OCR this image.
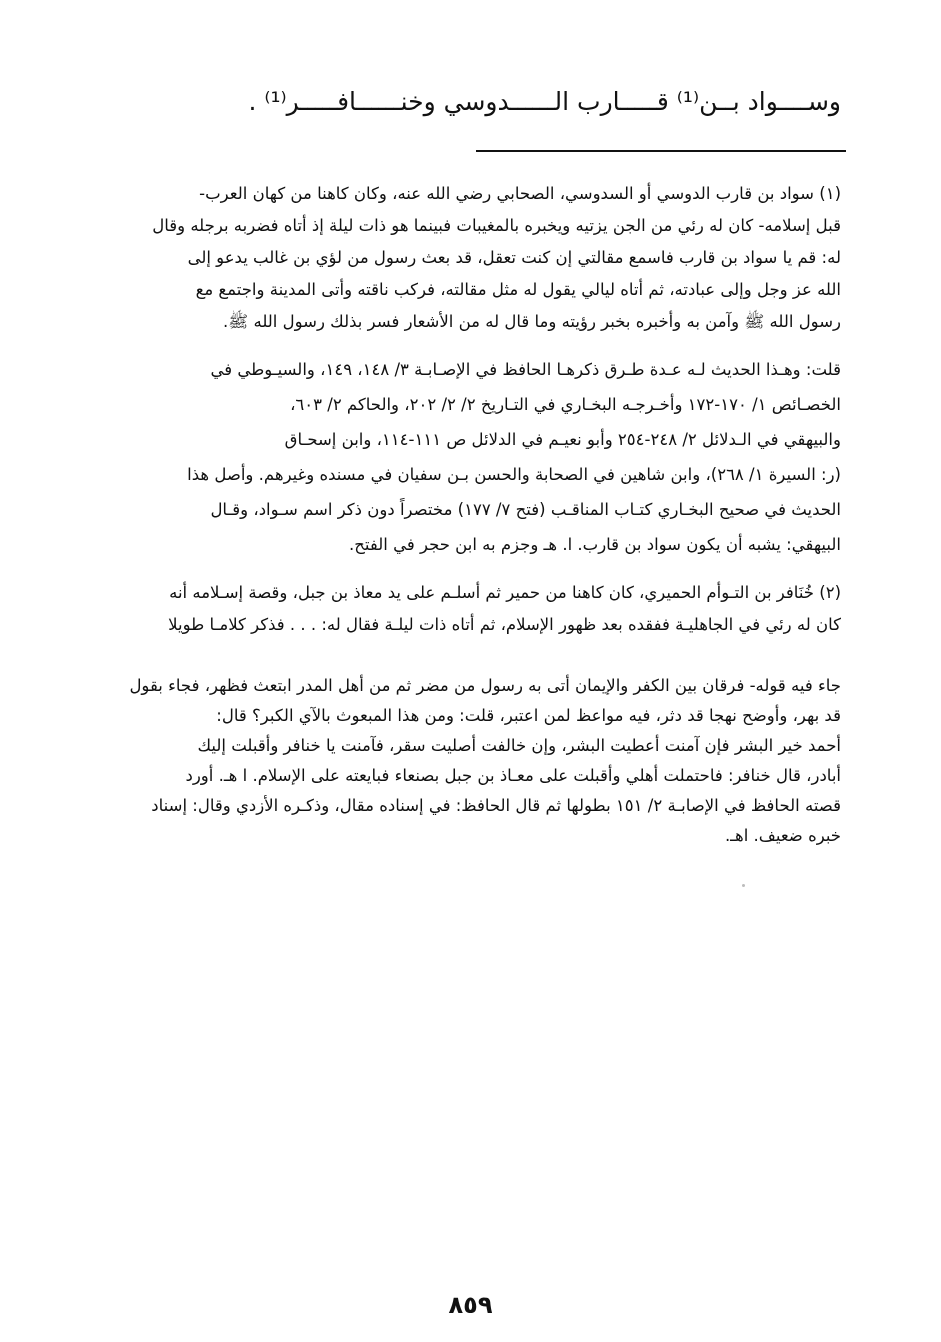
وســــواد بــن⁽¹⁾ قـــــارب الــــــدوسي وخنــــــافـــــر⁽¹⁾ .
(١) سواد بن قارب الدوسي أو السدوسي، الصحابي رضي الله عنه، وكان كاهنا من كهان العرب-
قبل إسلامه- كان له رئي من الجن يزتيه ويخبره بالمغيبات فبينما هو ذات ليلة إذ أتاه فضربه برجله وقال
له: قم يا سواد بن قارب فاسمع مقالتي إن كنت تعقل، قد بعث رسول من لؤي بن غالب يدعو إلى
الله عز وجل وإلى عبادته، ثم أتاه ليالي يقول له مثل مقالته، فركب ناقته وأتى المدينة واجتمع مع
رسول الله ﷺ وآمن به وأخبره بخبر رؤيته وما قال له من الأشعار فسر بذلك رسول الله ﷺ.
قلت: وهـذا الحديث لـه عـدة طـرق ذكرهـا الحافظ في الإصـابـة ٣/ ١٤٨، ١٤٩، والسيـوطي في
الخصـائص ١/ ١٧٠-١٧٢ وأخـرجـه البخـاري في التـاريخ ٢/ ٢/ ٢٠٢، والحاكم ٢/ ٦٠٣،
والبيهقي في الـدلائل ٢/ ٢٤٨-٢٥٤ وأبو نعيـم في الدلائل ص ١١١-١١٤، وابن إسحـاق
(ر: السيرة ١/ ٢٦٨)، وابن شاهين في الصحابة والحسن بـن سفيان في مسنده وغيرهم. وأصل هذا
الحديث في صحيح البخـاري كتـاب المناقـب (فتح ٧/ ١٧٧) مختصراً دون ذكر اسم سـواد، وقـال
البيهقي: يشبه أن يكون سواد بن قارب. ا. هـ وجزم به ابن حجر في الفتح.
(٢) خُنَافر بن التـوأم الحميري، كان كاهنا من حمير ثم أسلـم على يد معاذ بن جبل، وقصة إسـلامه أنه
كان له رئي في الجاهليـة ففقده بعد ظهور الإسلام، ثم أتاه ذات ليلـة فقال له: . . . فذكر كلامـا طويلا
جاء فيه قوله- فرقان بين الكفر والإيمان أتى به رسول من مضر ثم من أهل المدر ابتعث فظهر، فجاء بقول
قد بهر، وأوضح نهجا قد دثر، فيه مواعظ لمن اعتبر، قلت: ومن هذا المبعوث بالآي الكبر؟ قال:
أحمد خير البشر فإن آمنت أعطيت البشر، وإن خالفت أصليت سقر، فآمنت يا خنافر وأقبلت إليك
أبادر، قال خنافر: فاحتملت أهلي وأقبلت على معـاذ بن جبل بصنعاء فبايعته على الإسلام. ا هـ. أورد
قصته الحافظ في الإصابـة ٢/ ١٥١ بطولها ثم قال الحافظ: في إسناده مقال، وذكـره الأزدي وقال: إسناد
خبره ضعيف. اهـ.
٨٥٩
